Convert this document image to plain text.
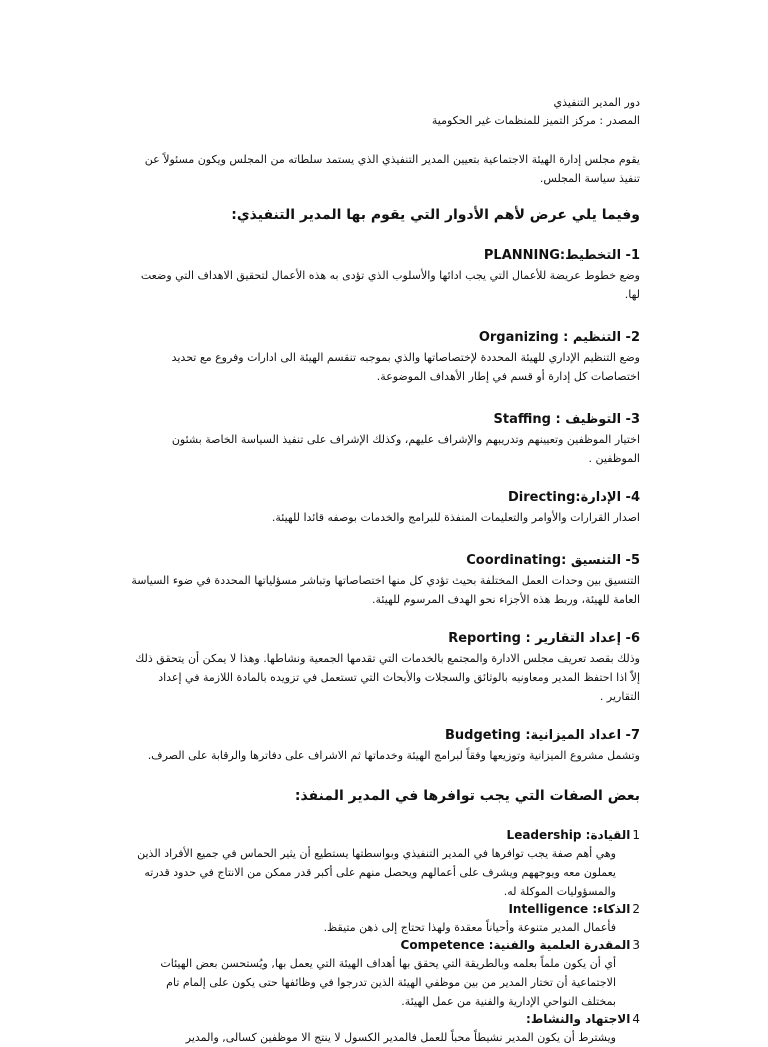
دور المدير التنفيذي

المصدر : مركز التميز للمنظمات غير الحكومية

يقوم مجلس إدارة الهيئة الاجتماعية بتعيين المدير التنفيذي الذي يستمد سلطاته من المجلس ويكون مسئولاً عن تنفيذ سياسة المجلس.

وفيما يلي عرض لأهم الأدوار التي يقوم بها المدير التنفيذي:

1- التخطيط:PLANNING

وضع خطوط عريضة للأعمال التي يجب ادائها والأسلوب الذي تؤدى به هذه الأعمال لتحقيق الاهداف التي وضعت لها.

2- التنظيم : Organizing

وضع التنظيم الإداري للهيئة المحددة لإختصاصاتها والذي بموجبه تنقسم الهيئة الى ادارات وفروع مع تحديد اختصاصات كل إدارة أو قسم في إطار الأهداف الموضوعة.

3- التوظيف : Staffing

اختيار الموظفين وتعيينهم وتدريبهم والإشراف عليهم، وكذلك الإشراف على تنفيذ السياسة الخاصة بشئون الموظفين .

4- الإدارة:Directing

اصدار القرارات والأوامر والتعليمات المنفذة للبرامج والخدمات بوصفه قائدا للهيئة.

5- التنسيق :Coordinating

التنسيق بين وحدات العمل المختلفة بحيث تؤدي كل منها اختصاصاتها وتباشر مسؤلياتها المحددة في ضوء السياسة العامة للهيئة، وربط هذه الأجزاء نحو الهدف المرسوم للهيئة.

6- إعداد التقارير : Reporting

وذلك بقصد تعريف مجلس الادارة والمجتمع بالخدمات التي تقدمها الجمعية ونشاطها. وهذا لا يمكن أن يتحقق ذلك إلاّ اذا احتفظ المدير ومعاونيه بالوثائق والسجلات والأبحاث التي تستعمل في تزويده بالمادة اللازمة في إعداد التقارير .

7- اعداد الميزانية: Budgeting

وتشمل مشروع الميزانية وتوزيعها وفقاً لبرامج الهيئة وخدماتها ثم الاشراف على دفاترها والرقابة على الصرف.

بعض الصفات التي يجب توافرها في المدير المنفذ:

1
القيادة: Leadership

وهي أهم صفة يجب توافرها في المدير التنفيذي وبواسطتها يستطيع أن يثير الحماس في جميع الأفراد الذين يعملون معه ويوجههم ويشرف على أعمالهم ويحصل منهم على أكبر قدر ممكن من الانتاج في حدود قدرته والمسؤوليات الموكلة له.

2
الذكاء: Intelligence

فأعمال المدير متنوعة وأحياناً معقدة ولهذا تحتاج إلى ذهن متيقظ.

3
المقدرة العلمية والفنية: Competence

أي أن يكون ملماً بعلمه وبالطريقة التي يحقق بها أهداف الهيئة التي يعمل بها, ويُستحسن بعض الهيئات الاجتماعية أن تختار المدير من بين موظفي الهيئة الذين تدرجوا في وظائفها حتى يكون على إلمام تام بمختلف النواحي الإدارية والفنية من عمل الهيئة.

4
الاجتهاد والنشاط:

ويشترط أن يكون المدير نشيطاً محباً للعمل فالمدير الكسول لا ينتج الا موظفين كسالى, والمدير
